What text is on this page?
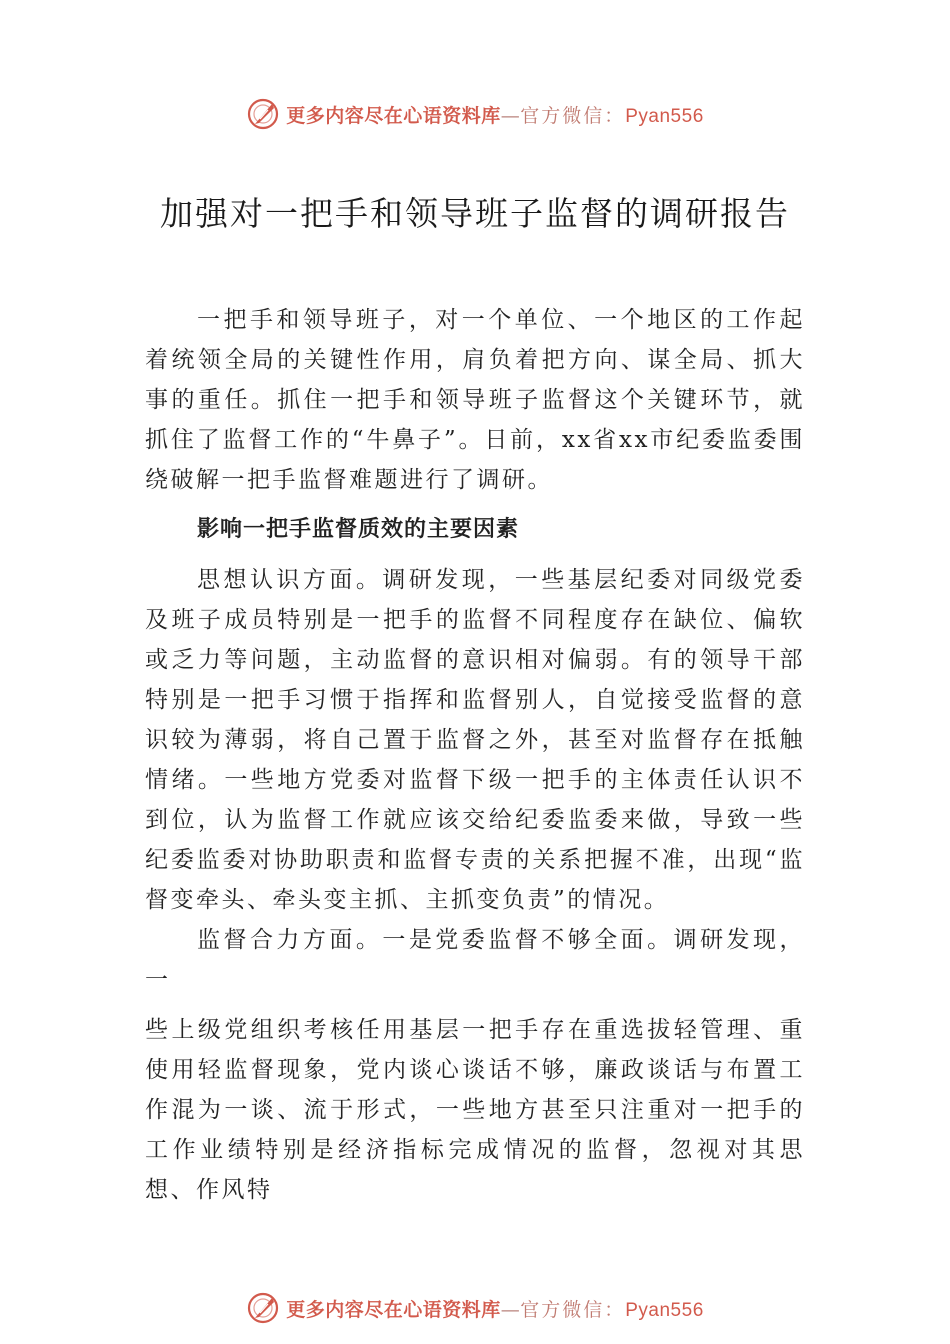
更多内容尽在心语资料库—官方微信：Pyan556
加强对一把手和领导班子监督的调研报告

一把手和领导班子，对一个单位、一个地区的工作起着统领全局的关键性作用，肩负着把方向、谋全局、抓大事的重任。抓住一把手和领导班子监督这个关键环节，就抓住了监督工作的“牛鼻子”。日前，xx省xx市纪委监委围绕破解一把手监督难题进行了调研。

影响一把手监督质效的主要因素

思想认识方面。调研发现，一些基层纪委对同级党委及班子成员特别是一把手的监督不同程度存在缺位、偏软或乏力等问题，主动监督的意识相对偏弱。有的领导干部特别是一把手习惯于指挥和监督别人，自觉接受监督的意识较为薄弱，将自己置于监督之外，甚至对监督存在抵触情绪。一些地方党委对监督下级一把手的主体责任认识不到位，认为监督工作就应该交给纪委监委来做，导致一些纪委监委对协助职责和监督专责的关系把握不准，出现“监督变牵头、牵头变主抓、主抓变负责”的情况。

监督合力方面。一是党委监督不够全面。调研发现，一

些上级党组织考核任用基层一把手存在重选拔轻管理、重使用轻监督现象，党内谈心谈话不够，廉政谈话与布置工作混为一谈、流于形式，一些地方甚至只注重对一把手的工作业绩特别是经济指标完成情况的监督，忽视对其思想、作风特

更多内容尽在心语资料库—官方微信：Pyan556
